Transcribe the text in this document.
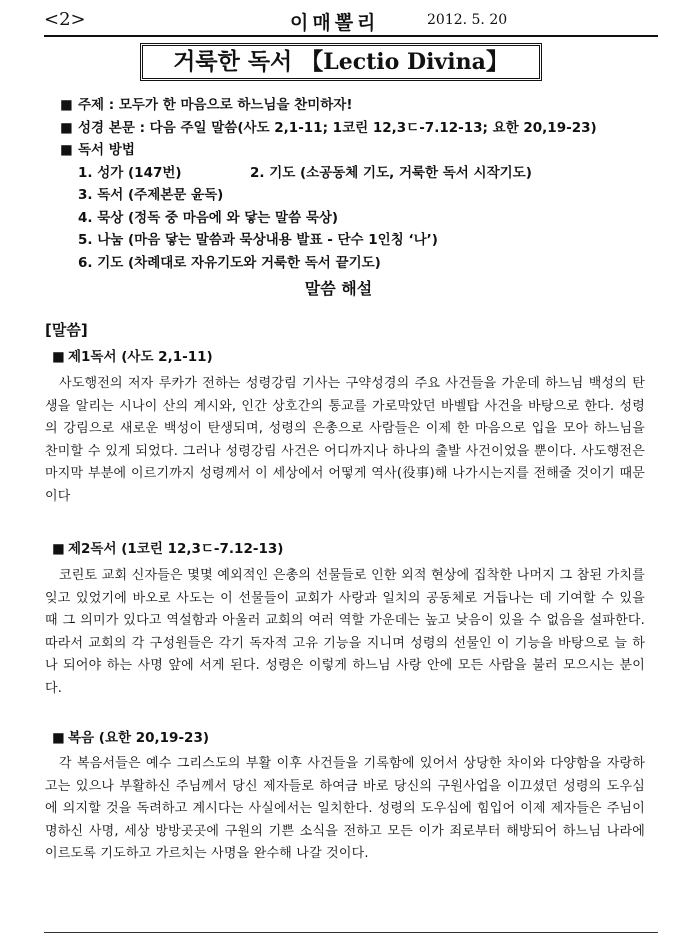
<2>	이매뽈리	2012. 5. 20
거룩한 독서 【Lectio Divina】
■ 주제 : 모두가 한 마음으로 하느님을 찬미하자!
■ 성경 본문 : 다음 주일 말씀(사도 2,1-11; 1코린 12,3ㄷ-7.12-13; 요한 20,19-23)
■ 독서 방법
1. 성가 (147번)	2. 기도 (소공동체 기도, 거룩한 독서 시작기도)
3. 독서 (주제본문 윤독)
4. 묵상 (정독 중 마음에 와 닿는 말씀 묵상)
5. 나눔 (마음 닿는 말씀과 묵상내용 발표 - 단수 1인칭 ‘나’)
6. 기도 (차례대로 자유기도와 거룩한 독서 끝기도)
말씀 해설
[말씀]
■ 제1독서 (사도 2,1-11)
사도행전의 저자 루카가 전하는 성령강림 기사는 구약성경의 주요 사건들을 가운데 하느님 백성의 탄생을 알리는 시나이 산의 계시와, 인간 상호간의 통교를 가로막았던 바벨탑 사건을 바탕으로 한다. 성령의 강림으로 새로운 백성이 탄생되며, 성령의 은총으로 사람들은 이제 한 마음으로 입을 모아 하느님을 찬미할 수 있게 되었다. 그러나 성령강림 사건은 어디까지나 하나의 출발 사건이었을 뿐이다. 사도행전은 마지막 부분에 이르기까지 성령께서 이 세상에서 어떻게 역사(役事)해 나가시는지를 전해줄 것이기 때문이다
■ 제2독서 (1코린 12,3ㄷ-7.12-13)
코린토 교회 신자들은 몇몇 예외적인 은총의 선물들로 인한 외적 현상에 집착한 나머지 그 참된 가치를 잊고 있었기에 바오로 사도는 이 선물들이 교회가 사랑과 일치의 공동체로 거듭나는 데 기여할 수 있을 때 그 의미가 있다고 역설함과 아울러 교회의 여러 역할 가운데는 높고 낮음이 있을 수 없음을 설파한다. 따라서 교회의 각 구성원들은 각기 독자적 고유 기능을 지니며 성령의 선물인 이 기능을 바탕으로 늘 하나 되어야 하는 사명 앞에 서게 된다. 성령은 이렇게 하느님 사랑 안에 모든 사람을 불러 모으시는 분이다.
■ 복음 (요한 20,19-23)
각 복음서들은 예수 그리스도의 부활 이후 사건들을 기록함에 있어서 상당한 차이와 다양함을 자랑하고는 있으나 부활하신 주님께서 당신 제자들로 하여금 바로 당신의 구원사업을 이끄셨던 성령의 도우심에 의지할 것을 독려하고 계시다는 사실에서는 일치한다. 성령의 도우심에 힘입어 이제 제자들은 주님이 명하신 사명, 세상 방방곳곳에 구원의 기쁜 소식을 전하고 모든 이가 죄로부터 해방되어 하느님 나라에 이르도록 기도하고 가르치는 사명을 완수해 나갈 것이다.
